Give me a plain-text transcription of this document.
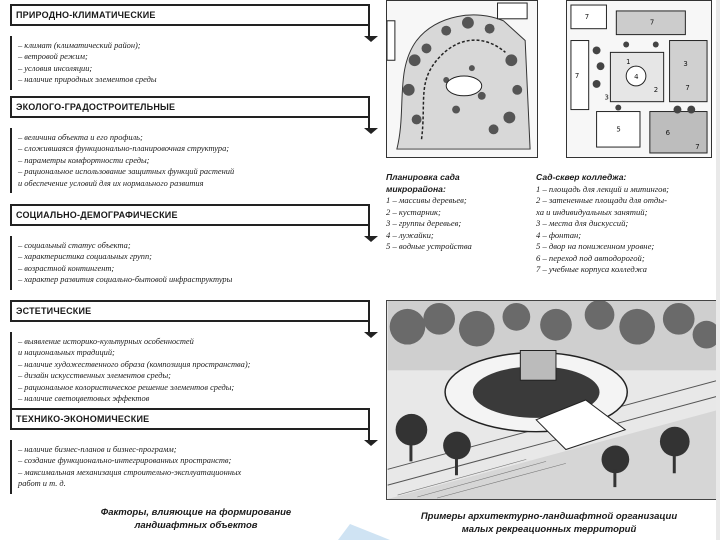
ПРИРОДНО-КЛИМАТИЧЕСКИЕ
– климат (климатический район);
– ветровой режим;
– условия инсоляции;
– наличие природных элементов среды
ЭКОЛОГО-ГРАДОСТРОИТЕЛЬНЫЕ
– величина объекта и его профиль;
– сложившаяся функционально-планировочная структура;
– параметры комфортности среды;
– рациональное использование защитных функций растений
и обеспечение условий для их нормального развития
СОЦИАЛЬНО-ДЕМОГРАФИЧЕСКИЕ
– социальный статус объекта;
– характеристика социальных групп;
– возрастной контингент;
– характер развития социально-бытовой инфраструктуры
ЭСТЕТИЧЕСКИЕ
– выявление историко-культурных особенностей
и национальных традиций;
– наличие художественного образа (композиция пространства);
– дизайн искусственных элементов среды;
– рациональное колористическое решение элементов среды;
– наличие светоцветовых эффектов
ТЕХНИКО-ЭКОНОМИЧЕСКИЕ
– наличие бизнес-планов и бизнес-программ;
– создание функционально-интегрированных пространств;
– максимальная механизация строительно-эксплуатационных
работ и т. д.
Факторы, влияющие на формирование
ландшафтных объектов
7
7
7
1
2
3
3
4
5	6
7
7
Планировка сада
микрорайона:
1 – массивы деревьев;
2 – кустарник;
3 – группы деревьев;
4 – лужайки;
5 – водные устройства
Сад-сквер колледжа:
1 – площадь для лекций и митингов;
2 – затененные площади для отды-
ха и индивидуальных занятий;
3 – места для дискуссий;
4 – фонтан;
5 – двор на пониженном уровне;
6 – переход под автодорогой;
7 – учебные корпуса колледжа
Примеры архитектурно-ландшафтной организации
малых рекреационных территорий
